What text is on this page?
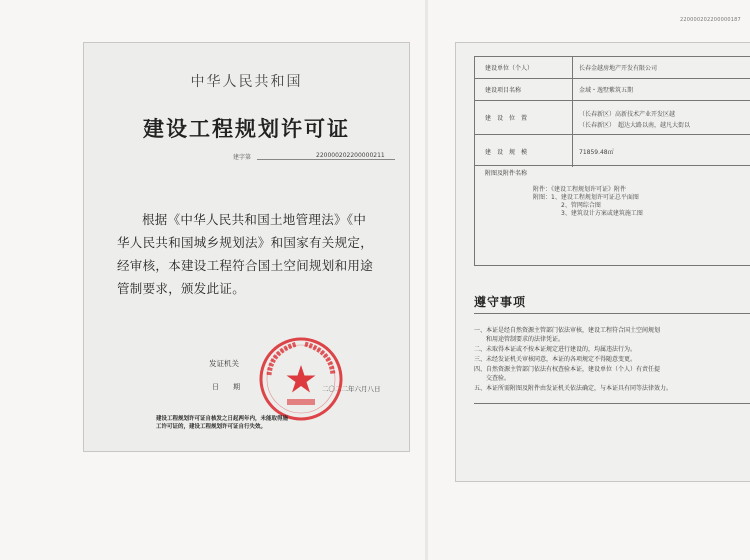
220000202200000187
中华人民共和国
建设工程规划许可证
建字第	220000202200000211
根据《中华人民共和国土地管理法》《中
华人民共和国城乡规划法》和国家有关规定，
经审核，本建设工程符合国土空间规划和用途
管制要求，颁发此证。
发证机关
日　　期	二〇二二年六月八日
建设工程规划许可证自核发之日起两年内，未能取得施
工许可证的，建设工程规划许可证自行失效。
建设单位（个人）	长春金越房地产开发有限公司
建设项目名称	金域・逸墅紫筑五期
建　设　位　置
（长春新区）高新技术产业开发区越
（长春新区）　超达大路以南，越凡大街以
建　设　规　模	71859.48㎡
附图及附件名称
附件：《建设工程规划许可证》附件
附图：1、建设工程规划许可证总平面图
2、管网综合图
3、建筑设计方案或建筑施工图
遵守事项
一、本证是经自然资源主管部门依法审核，建设工程符合国土空间规划
　　和用途管制要求的法律凭证。
二、未取得本证或不按本证规定进行建设的，均属违法行为。
三、未经发证机关审核同意，本证的各项规定不得随意变更。
四、自然资源主管部门依法有权查验本证，建设单位（个人）有责任提
　　交查验。
五、本证所需附图及附件由发证机关依法确定，与本证具有同等法律效力。
